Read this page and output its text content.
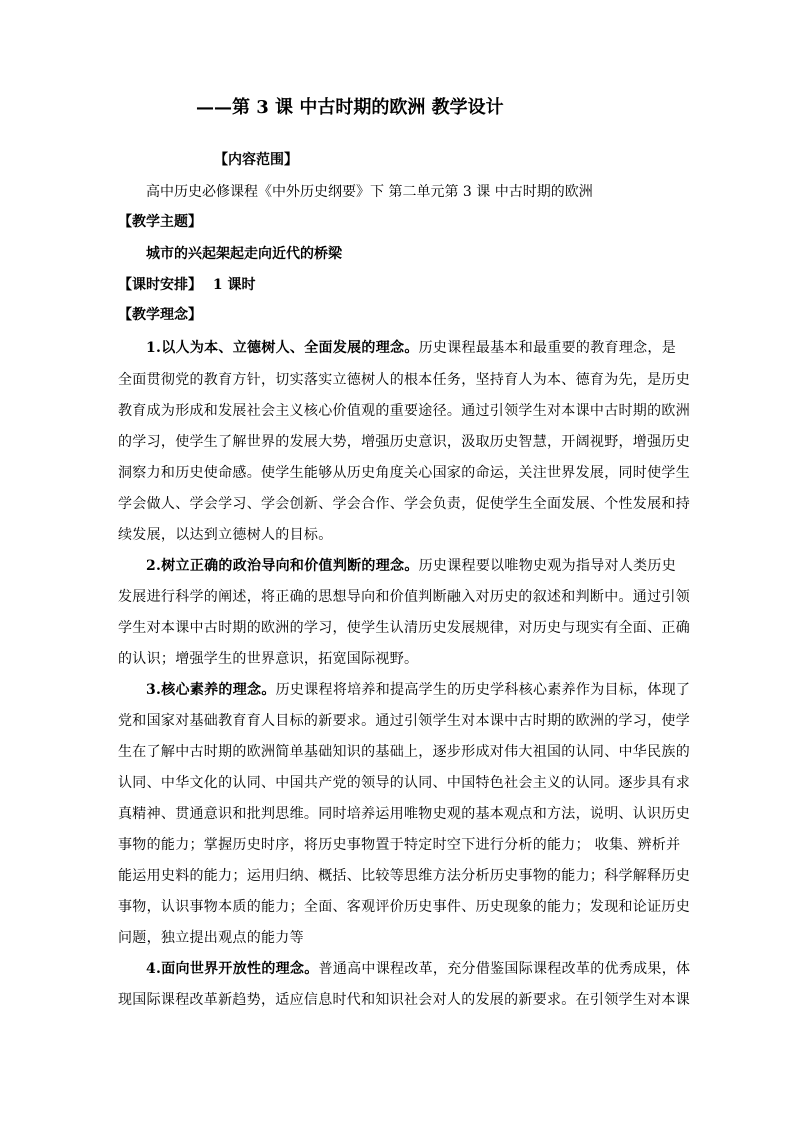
——第 3 课 中古时期的欧洲 教学设计
【内容范围】
高中历史必修课程《中外历史纲要》下 第二单元第 3 课 中古时期的欧洲
【教学主题】
城市的兴起架起走向近代的桥梁
【课时安排】 1 课时
【教学理念】
1.以人为本、立德树人、全面发展的理念。历史课程最基本和最重要的教育理念，是
全面贯彻党的教育方针，切实落实立德树人的根本任务，坚持育人为本、德育为先，是历史
教育成为形成和发展社会主义核心价值观的重要途径。通过引领学生对本课中古时期的欧洲
的学习，使学生了解世界的发展大势，增强历史意识，汲取历史智慧，开阔视野，增强历史
洞察力和历史使命感。使学生能够从历史角度关心国家的命运，关注世界发展，同时使学生
学会做人、学会学习、学会创新、学会合作、学会负责，促使学生全面发展、个性发展和持
续发展，以达到立德树人的目标。
2.树立正确的政治导向和价值判断的理念。历史课程要以唯物史观为指导对人类历史
发展进行科学的阐述，将正确的思想导向和价值判断融入对历史的叙述和判断中。通过引领
学生对本课中古时期的欧洲的学习，使学生认清历史发展规律，对历史与现实有全面、正确
的认识；增强学生的世界意识，拓宽国际视野。
3.核心素养的理念。历史课程将培养和提高学生的历史学科核心素养作为目标，体现了
党和国家对基础教育育人目标的新要求。通过引领学生对本课中古时期的欧洲的学习，使学
生在了解中古时期的欧洲简单基础知识的基础上，逐步形成对伟大祖国的认同、中华民族的
认同、中华文化的认同、中国共产党的领导的认同、中国特色社会主义的认同。逐步具有求
真精神、贯通意识和批判思维。同时培养运用唯物史观的基本观点和方法，说明、认识历史
事物的能力；掌握历史时序，将历史事物置于特定时空下进行分析的能力； 收集、辨析并
能运用史料的能力；运用归纳、概括、比较等思维方法分析历史事物的能力；科学解释历史
事物，认识事物本质的能力；全面、客观评价历史事件、历史现象的能力；发现和论证历史
问题，独立提出观点的能力等
4.面向世界开放性的理念。普通高中课程改革，充分借鉴国际课程改革的优秀成果，体
现国际课程改革新趋势，适应信息时代和知识社会对人的发展的新要求。在引领学生对本课
